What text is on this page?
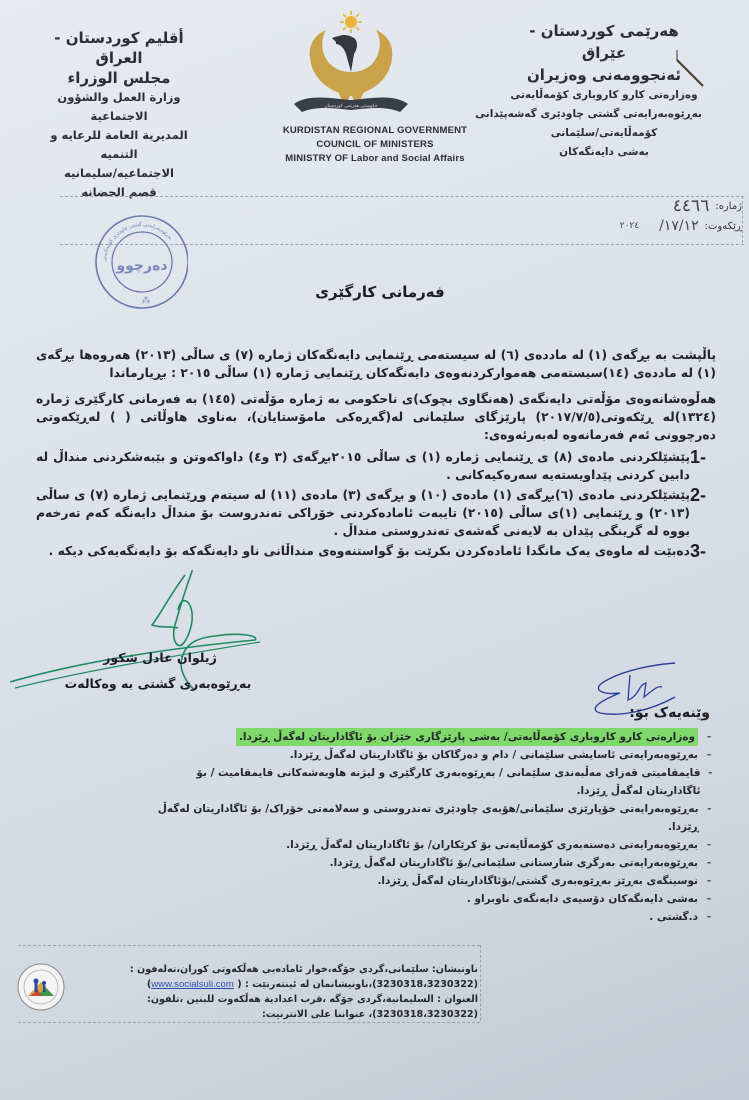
أقليم كوردستان - العراق
مجلس الوزراء
وزارة العمل والشؤون الاجتماعية
المديرية العامة للرعايه و التنميه
الاجتماعيه/سليمانيه
قصم الحضانه
حکومەتی هەرێمی کوردستان
KURDISTAN REGIONAL GOVERNMENT
COUNCIL OF MINISTERS
MINISTRY OF Labor and Social Affairs
هەرێمی کوردستان - عێراق
ئەنجوومەنی وەزیران
وەزارەتی کارو کاروباری کۆمەڵایەتی
بەڕێوەبەرایەتی گشتی چاودێری گەشەپێدانی
کۆمەڵایەتی/سلێمانی
بەشی دایەنگەکان
ژمارە:
٤٤٦٦
ڕێکەوت:
١٧/١٢/
٢٠٢٤
بەڕێوەبەرایەتی گشتی چاودێری کۆمەڵایەتی
دەرچوو
⁂	فەرمانی کارگێری
پاڵپشت بە بڕگەی (١) لە ماددەی (٦) لە سیستەمی ڕێنمایی دایەنگەکان ژمارە (٧) ی ساڵی (٢٠١٣) هەروەها بڕگەی (١) لە ماددەی (١٤)سیستەمی هەموارکردنەوەی دایەنگەکان ڕێنمایی ژمارە (١) ساڵی ٢٠١٥ : بڕیارماندا
هەڵوەشانەوەی مۆڵەتی دایەنگەی (هەنگاوی بچوک)ی ناحکومی بە ژمارە مۆڵەتی (١٤٥) بە فەرمانی کارگێری ژمارە (١٣٢٤)لە ڕێکەوتی(٢٠١٧/٧/٥) پارێزگای سلێمانی لە(گەڕەکی مامۆستایان)، بەناوی هاوڵاتی ( ) لەڕێکەوتی دەرچوونی ئەم فەرمانەوە لەبەرئەوەی:
1-
پێشێلکردنی مادەی (٨) ی ڕێنمایی ژمارە (١) ی ساڵی ٢٠١٥بڕگەی (٣ و٤) داواکەوتن و بێبەشکردنی منداڵ لە دابین کردنی پێداویستەیە سەرەکیەکانی .
2-
پێشێلکردنی مادەی (٦)بڕگەی (١) مادەی (١٠) و بڕگەی (٣) مادەی (١١) لە سیتەم وڕێنمایی ژمارە (٧) ی ساڵی (٢٠١٣) و ڕێنمایی (١)ی ساڵی (٢٠١٥) تایبەت ئامادەکردنی خۆراکی تەندروست بۆ منداڵ دایەنگە کەم تەرخەم بووە لە گرینگی پێدان بە لایەنی گەشەی تەندروستی منداڵ .
3-
دەبێت لە ماوەی یەک مانگدا ئامادەکردن بکرێت بۆ گواستنەوەی منداڵانی ناو دایەنگەکە بۆ دایەنگەیەکی دیکە .
ژیلوان عادل شکور
بەڕێوەبەری گشتی بە وەکالەت
وێنەیەک بۆ:
-
وەزارەتی کارو کاروباری کۆمەڵایەتی/ بەشی پارێزگاری خێزان بۆ ئاگاداریتان لەگەڵ ڕێزدا.
-
بەڕێوەبەرایەتی ئاسایشی سلێمانی / دام و دەزگاکان بۆ ئاگاداریتان لەگەڵ ڕێزدا.
-
قایمقامیتی قەزای مەڵبەندی سلێمانی / بەڕێوەبەری کارگێری و لیژنە هاوبەشەکانی قایمقامیت / بۆ ئاگاداریتان لەگەڵ ڕێزدا.
-
بەڕێوەبەرایەتی خۆپارێزی سلێمانی/هۆبەی چاودێری تەندروستی و سەلامەتی خۆراک/ بۆ ئاگاداریتان لەگەڵ ڕێزدا.
-
بەڕێوەبەرایەتی دەستەبەری کۆمەڵایەتی بۆ کرێکاران/ بۆ ئاگاداریتان لەگەڵ ڕێزدا.
-
بەڕێوەبەرایەتی بەرگری شارستانی سلێمانی/بۆ ئاگاداریتان لەگەڵ ڕێزدا.
-
نوسینگەی بەڕێز بەڕێوەبەری گشتی/بۆئاگاداریتان لەگەڵ ڕێزدا.
-
بەشی دایەنگەکان دۆسیەی دایەنگەی ناوبراو .
-
د.گشتی .
ناونیشان: سلێمانی،گردی جۆگە،خوار ئامادەیی هەڵکەوتی کوران،تەلەفون : (3230318،3230322)،ناونیشانمان لە ئینتەرنێت : ( www.socialsuli.com)
العنوان : السليمانية،گردی جۆگە ،قرب اعدادية هەڵكەوت للبنين ،تلفون: (3230318،3230322)، عنواننا على الانترنيت:
